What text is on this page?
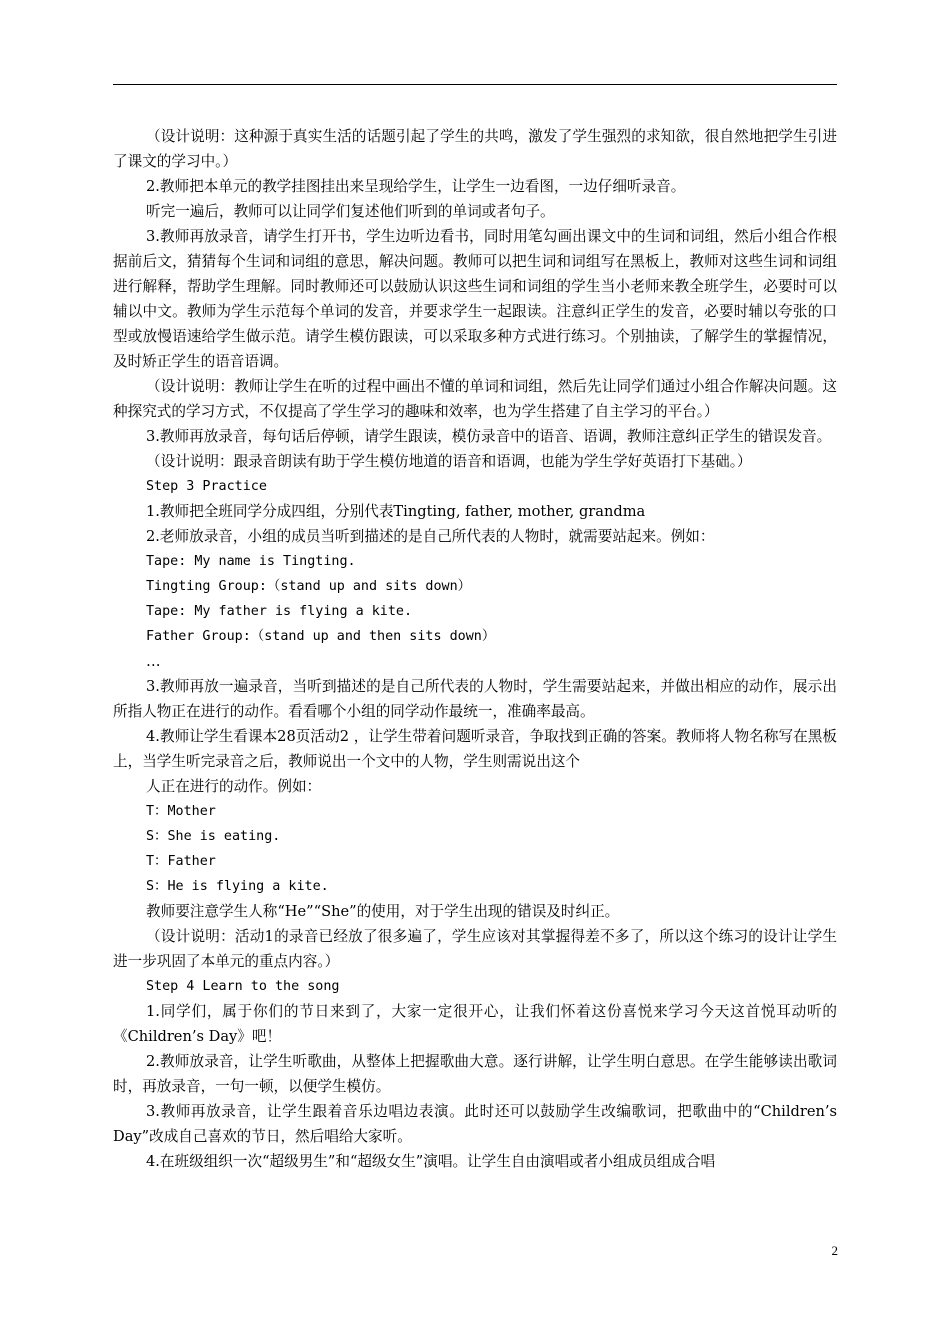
（设计说明：这种源于真实生活的话题引起了学生的共鸣，激发了学生强烈的求知欲，很自然地把学生引进了课文的学习中。）

2.教师把本单元的教学挂图挂出来呈现给学生，让学生一边看图，一边仔细听录音。

听完一遍后，教师可以让同学们复述他们听到的单词或者句子。

3.教师再放录音，请学生打开书，学生边听边看书，同时用笔勾画出课文中的生词和词组，然后小组合作根据前后文，猜猜每个生词和词组的意思，解决问题。教师可以把生词和词组写在黑板上，教师对这些生词和词组进行解释，帮助学生理解。同时教师还可以鼓励认识这些生词和词组的学生当小老师来教全班学生，必要时可以辅以中文。教师为学生示范每个单词的发音，并要求学生一起跟读。注意纠正学生的发音，必要时辅以夸张的口型或放慢语速给学生做示范。请学生模仿跟读，可以采取多种方式进行练习。个别抽读，了解学生的掌握情况，及时矫正学生的语音语调。

（设计说明：教师让学生在听的过程中画出不懂的单词和词组，然后先让同学们通过小组合作解决问题。这种探究式的学习方式，不仅提高了学生学习的趣味和效率，也为学生搭建了自主学习的平台。）

3.教师再放录音，每句话后停顿，请学生跟读，模仿录音中的语音、语调，教师注意纠正学生的错误发音。

（设计说明：跟录音朗读有助于学生模仿地道的语音和语调，也能为学生学好英语打下基础。）

Step 3 Practice

1.教师把全班同学分成四组，分别代表Tingting, father, mother, grandma

2.老师放录音，小组的成员当听到描述的是自己所代表的人物时，就需要站起来。例如：

Tape: My name is Tingting.

Tingting Group:（stand up and sits down）

Tape: My father is flying a kite.

Father Group:（stand up and then sits down）

…

3.教师再放一遍录音，当听到描述的是自己所代表的人物时，学生需要站起来，并做出相应的动作，展示出所指人物正在进行的动作。看看哪个小组的同学动作最统一，准确率最高。

4.教师让学生看课本28页活动2 ，让学生带着问题听录音，争取找到正确的答案。教师将人物名称写在黑板上，当学生听完录音之后，教师说出一个文中的人物，学生则需说出这个

人正在进行的动作。例如：

T：Mother

S：She is eating.

T：Father

S：He is flying a kite.

教师要注意学生人称“He”“She”的使用，对于学生出现的错误及时纠正。

（设计说明：活动1的录音已经放了很多遍了，学生应该对其掌握得差不多了，所以这个练习的设计让学生进一步巩固了本单元的重点内容。）

Step 4 Learn to the song

1.同学们，属于你们的节日来到了，大家一定很开心，让我们怀着这份喜悦来学习今天这首悦耳动听的《Children’s Day》吧！

2.教师放录音，让学生听歌曲，从整体上把握歌曲大意。逐行讲解，让学生明白意思。在学生能够读出歌词时，再放录音，一句一顿，以便学生模仿。

3.教师再放录音，让学生跟着音乐边唱边表演。此时还可以鼓励学生改编歌词，把歌曲中的“Children’s Day”改成自己喜欢的节日，然后唱给大家听。

4.在班级组织一次“超级男生”和“超级女生”演唱。让学生自由演唱或者小组成员组成合唱

2
